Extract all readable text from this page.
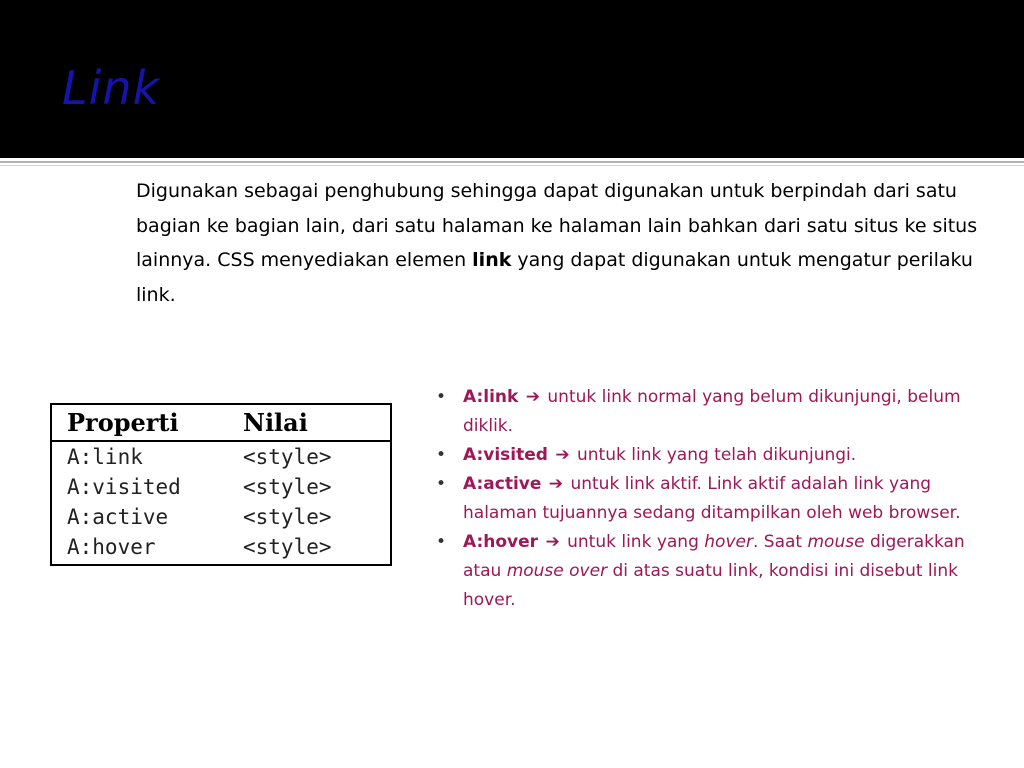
Link

Digunakan sebagai penghubung sehingga dapat digunakan untuk berpindah dari satu bagian ke bagian lain, dari satu halaman ke halaman lain bahkan dari satu situs ke situs lainnya. CSS menyediakan elemen link yang dapat digunakan untuk mengatur perilaku link.

Properti	Nilai
A:link	<style>
A:visited	<style>
A:active	<style>
A:hover	<style>
• A:link ➔ untuk link normal yang belum dikunjungi, belum diklik.
• A:visited ➔ untuk link yang telah dikunjungi.
• A:active ➔ untuk link aktif. Link aktif adalah link yang halaman tujuannya sedang ditampilkan oleh web browser.
• A:hover ➔ untuk link yang hover. Saat mouse digerakkan atau mouse over di atas suatu link, kondisi ini disebut link hover.
